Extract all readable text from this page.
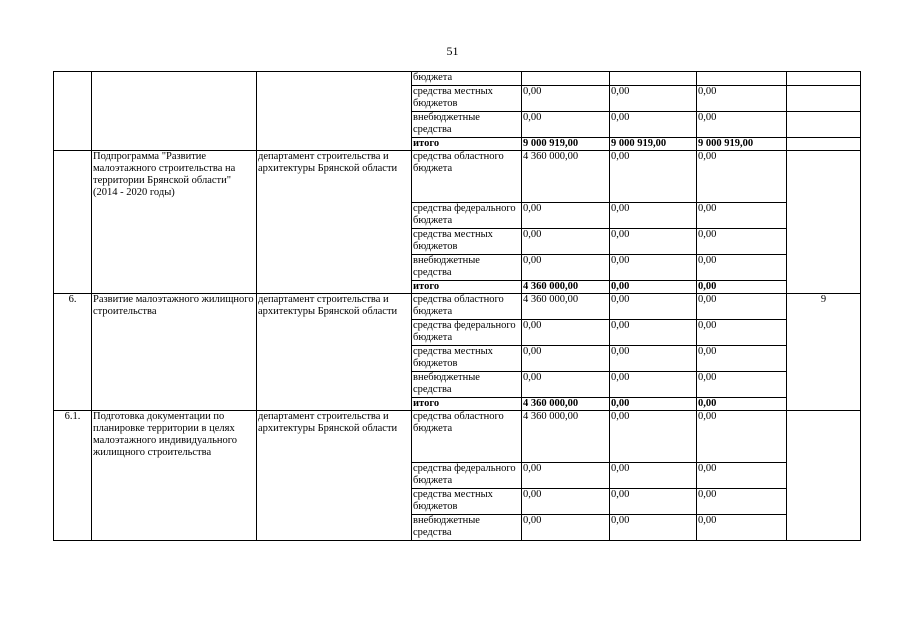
51
			бюджета				
			средства местных бюджетов	0,00	0,00	0,00	
			внебюджетные средства	0,00	0,00	0,00	
			итого	9 000 919,00	9 000 919,00	9 000 919,00	
	Подпрограмма "Развитие малоэтажного строительства на территории Брянской области" (2014 - 2020 годы)	департамент строительства и архитектуры Брянской области	средства областного бюджета	4 360 000,00	0,00	0,00	
			средства федерального бюджета	0,00	0,00	0,00	
			средства местных бюджетов	0,00	0,00	0,00	
			внебюджетные средства	0,00	0,00	0,00	
			итого	4 360 000,00	0,00	0,00	
6.	Развитие малоэтажного жилищного строительства	департамент строительства и архитектуры Брянской области	средства областного бюджета	4 360 000,00	0,00	0,00	9
			средства федерального бюджета	0,00	0,00	0,00	
			средства местных бюджетов	0,00	0,00	0,00	
			внебюджетные средства	0,00	0,00	0,00	
			итого	4 360 000,00	0,00	0,00	
6.1.	Подготовка документации по планировке территории в целях малоэтажного индивидуального жилищного строительства	департамент строительства и архитектуры Брянской области	средства областного бюджета	4 360 000,00	0,00	0,00	
			средства федерального бюджета	0,00	0,00	0,00	
			средства местных бюджетов	0,00	0,00	0,00	
			внебюджетные средства	0,00	0,00	0,00	
